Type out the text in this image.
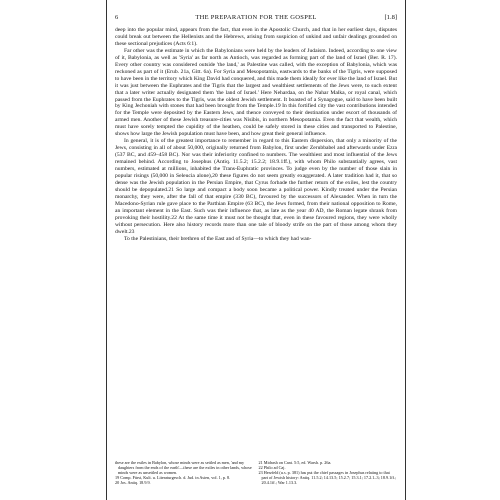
6	THE PREPARATION FOR THE GOSPEL	[1.8]

deep into the popular mind, appears from the fact, that even in the Apostolic Church, and that in her earliest days, disputes could break out between the Hellenists and the Hebrews, arising from suspicion of unkind and unfair dealings grounded on these sectional prejudices (Acts 6:1).

Far other was the estimate in which the Babylonians were held by the leaders of Judaism. Indeed, according to one view of it, Babylonia, as well as 'Syria' as far north as Antioch, was regarded as forming part of the land of Israel (Ber. R. 17). Every other country was considered outside 'the land,' as Palestine was called, with the exception of Babylonia, which was reckoned as part of it (Erub. 21a, Gitt. 6a). For Syria and Mesopotamia, eastwards to the banks of the Tigris, were supposed to have been in the territory which King David had conquered, and this made them ideally for ever like the land of Israel. But it was just between the Euphrates and the Tigris that the largest and wealthiest settlements of the Jews were, to such extent that a later writer actually designated them 'the land of Israel.' Here Nehardaa, on the Nahar Malka, or royal canal, which passed from the Euphrates to the Tigris, was the oldest Jewish settlement. It boasted of a Synagogue, said to have been built by King Jechoniah with stones that had been brought from the Temple.19 In this fortified city the vast contributions intended for the Temple were deposited by the Eastern Jews, and thence conveyed to their destination under escort of thousands of armed men. Another of these Jewish treasure-cities was Nisibis, in northern Mesopotamia. Even the fact that wealth, which must have sorely tempted the cupidity of the heathen, could be safely stored in these cities and transported to Palestine, shows how large the Jewish population must have been, and how great their general influence.

In general, it is of the greatest importance to remember in regard to this Eastern dispersion, that only a minority of the Jews, consisting in all of about 50,000, originally returned from Babylon, first under Zerubbabel and afterwards under Ezra (537 BC, and 459–458 BC). Nor was their inferiority confined to numbers. The wealthiest and most influential of the Jews remained behind. According to Josephus (Antiq. 11.5.2; 15.2.2; 18.9.1ff.), with whom Philo substantially agrees, vast numbers, estimated at millions, inhabited the Trans-Euphratic provinces. To judge even by the number of those slain in popular risings (50,000 in Seleucia alone),20 these figures do not seem greatly exaggerated. A later tradition had it, that so dense was the Jewish population in the Persian Empire, that Cyrus forbade the further return of the exiles, lest the country should be depopulated.21 So large and compact a body soon became a political power. Kindly treated under the Persian monarchy, they were, after the fall of that empire (330 BC), favoured by the successors of Alexander. When in turn the Macedono-Syrian rule gave place to the Parthian Empire (63 BC), the Jews formed, from their national opposition to Rome, an important element in the East. Such was their influence that, as late as the year 40 AD, the Roman legate shrank from provoking their hostility.22 At the same time it must not be thought that, even in these favoured regions, they were wholly without persecution. Here also history records more than one tale of bloody strife on the part of those among whom they dwelt.23

To the Palestinians, their brethren of the East and of Syria—to which they had wan-

these are the exiles in Babylon, whose minds were as settled as men, 'and my daughters from the ends of the earth'—these are the exiles in other lands, whose minds were as unsettled as women.
19 Comp. Fürst, Kult. u. Literaturgesch. d. Jud. in Asien, vol. 1, p. 8.
20 Jos. Antiq. 18.9.9.
21 Midrash on Cant. 5:5, ed. Warsh. p. 26a.
22 Philo ad Caj.
23 Herzfeld (u.s. p. 381) has put the chief passages in Josephus relating to that part of Jewish history: Antiq. 11.5.2; 14.13.5; 15.2.7; 15.3.1; 17.2.1–3; 18.9.1ff.; 20.4.1ff.; War 1.13.3.
